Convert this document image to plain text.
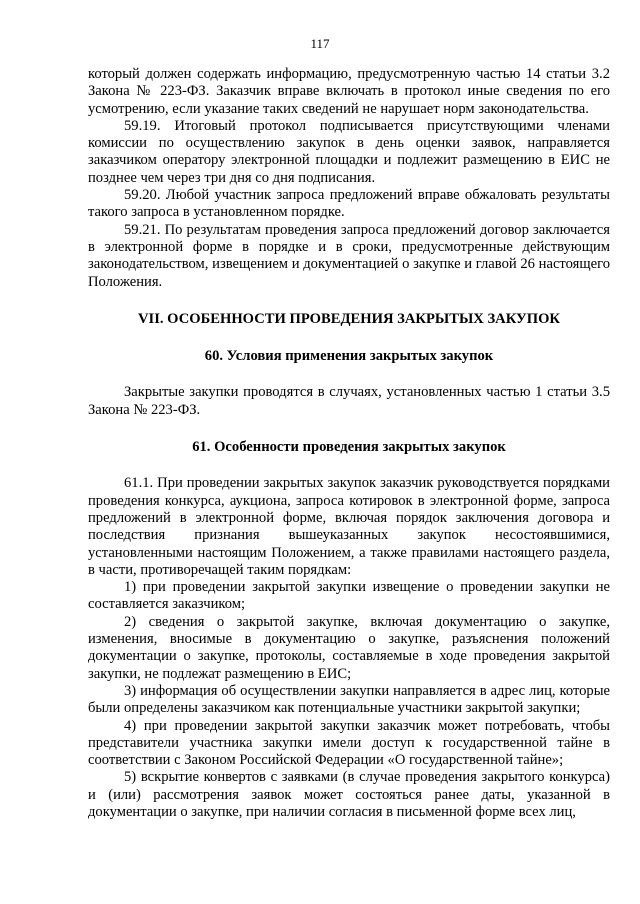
117

который должен содержать информацию, предусмотренную частью 14 статьи 3.2 Закона № 223-ФЗ. Заказчик вправе включать в протокол иные сведения по его усмотрению, если указание таких сведений не нарушает норм законодательства.

59.19. Итоговый протокол подписывается присутствующими членами комиссии по осуществлению закупок в день оценки заявок, направляется заказчиком оператору электронной площадки и подлежит размещению в ЕИС не позднее чем через три дня со дня подписания.

59.20. Любой участник запроса предложений вправе обжаловать результаты такого запроса в установленном порядке.

59.21. По результатам проведения запроса предложений договор заключается в электронной форме в порядке и в сроки, предусмотренные действующим законодательством, извещением и документацией о закупке и главой 26 настоящего Положения.

VII. ОСОБЕННОСТИ ПРОВЕДЕНИЯ ЗАКРЫТЫХ ЗАКУПОК

60. Условия применения закрытых закупок

Закрытые закупки проводятся в случаях, установленных частью 1 статьи 3.5 Закона № 223-ФЗ.

61. Особенности проведения закрытых закупок

61.1. При проведении закрытых закупок заказчик руководствуется порядками проведения конкурса, аукциона, запроса котировок в электронной форме, запроса предложений в электронной форме, включая порядок заключения договора и последствия признания вышеуказанных закупок несостоявшимися, установленными настоящим Положением, а также правилами настоящего раздела, в части, противоречащей таким порядкам:

1) при проведении закрытой закупки извещение о проведении закупки не составляется заказчиком;

2) сведения о закрытой закупке, включая документацию о закупке, изменения, вносимые в документацию о закупке, разъяснения положений документации о закупке, протоколы, составляемые в ходе проведения закрытой закупки, не подлежат размещению в ЕИС;

3) информация об осуществлении закупки направляется в адрес лиц, которые были определены заказчиком как потенциальные участники закрытой закупки;

4) при проведении закрытой закупки заказчик может потребовать, чтобы представители участника закупки имели доступ к государственной тайне в соответствии с Законом Российской Федерации «О государственной тайне»;

5) вскрытие конвертов с заявками (в случае проведения закрытого конкурса) и (или) рассмотрения заявок может состояться ранее даты, указанной в документации о закупке, при наличии согласия в письменной форме всех лиц,
